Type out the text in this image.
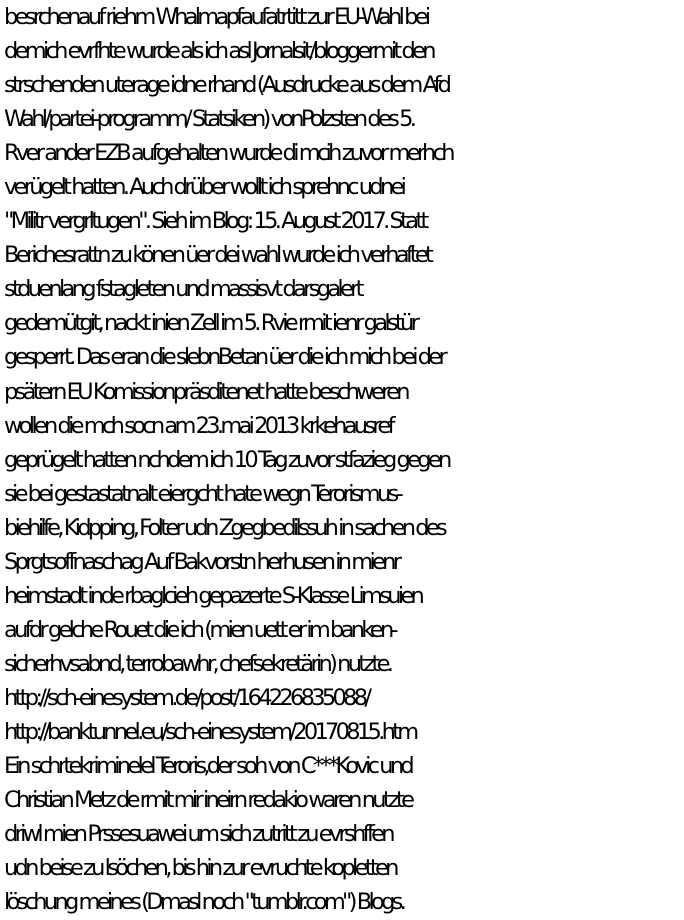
besrchenauf riehm Whalmapfaufatrtitt zur EU-Wahl bei
demich evrfhte wurde als ich asl Jornalsit/bloggermit den
strschenden uterage idne rhand (Ausdrucke aus dem Afd
Wahl/partei-programm/ Statsiken) vonPolzsten des 5.
Rver ander EZB aufgehalten wurde di mcih zuvor merhch
verügelt hatten. Auch drüber wollt ich sprehnc udnei
"Militr vergrltugen". Sieh im Blog: 15. August 2017. Statt
Berichesrattn zu könen üer dei wahl wurde ich verhaftet
stduenlang fstagleten und massisvt darsgalert
gedemütgit, nackt inien Zell im 5. Rvie rmit ienr galstür
gesperrt. Das eran die slebnBetan üer die ich mich bei der
psätern EU Komissionpräsditenet hatte beschweren
wollen die mch socn am 23.mai 2013 krkehausref
geprügelt hatten nchdem ich 10 Tag zuvor stfazieg gegen
sie bei gestastatnalt eiergcht hate wegn Terorismus-
biehilfe, Kidpping, Folter udn Zgegbedilssuh in sachen des
Sprgtsoffnaschag Auf Bakvorstn herhusen in mienr
heimstadt inde rbaglcieh gepazerte S-Klasse Limsuien
aufdr gelche Rouet die ich (mien uett er im banken-
sicherhvsabnd, terrobawhr, chefsekretärin) nutzte.
http://sch-einesystem.de/post/164226835088/
http://banktunnel.eu/sch-einesystem/20170815.htm
Ein schrtekriminelel Teroris,der soh von C***Kovic und
Christian Metz de rmit mir ineirn redakio waren nutzte
driwl mien Prssesuawei um sich zutritt zu evrshffen
udn beise zu lsöchen, bis hin zur evruchte kopletten
löschung meines (Dmasl noch "tumblr.com") Blogs.
